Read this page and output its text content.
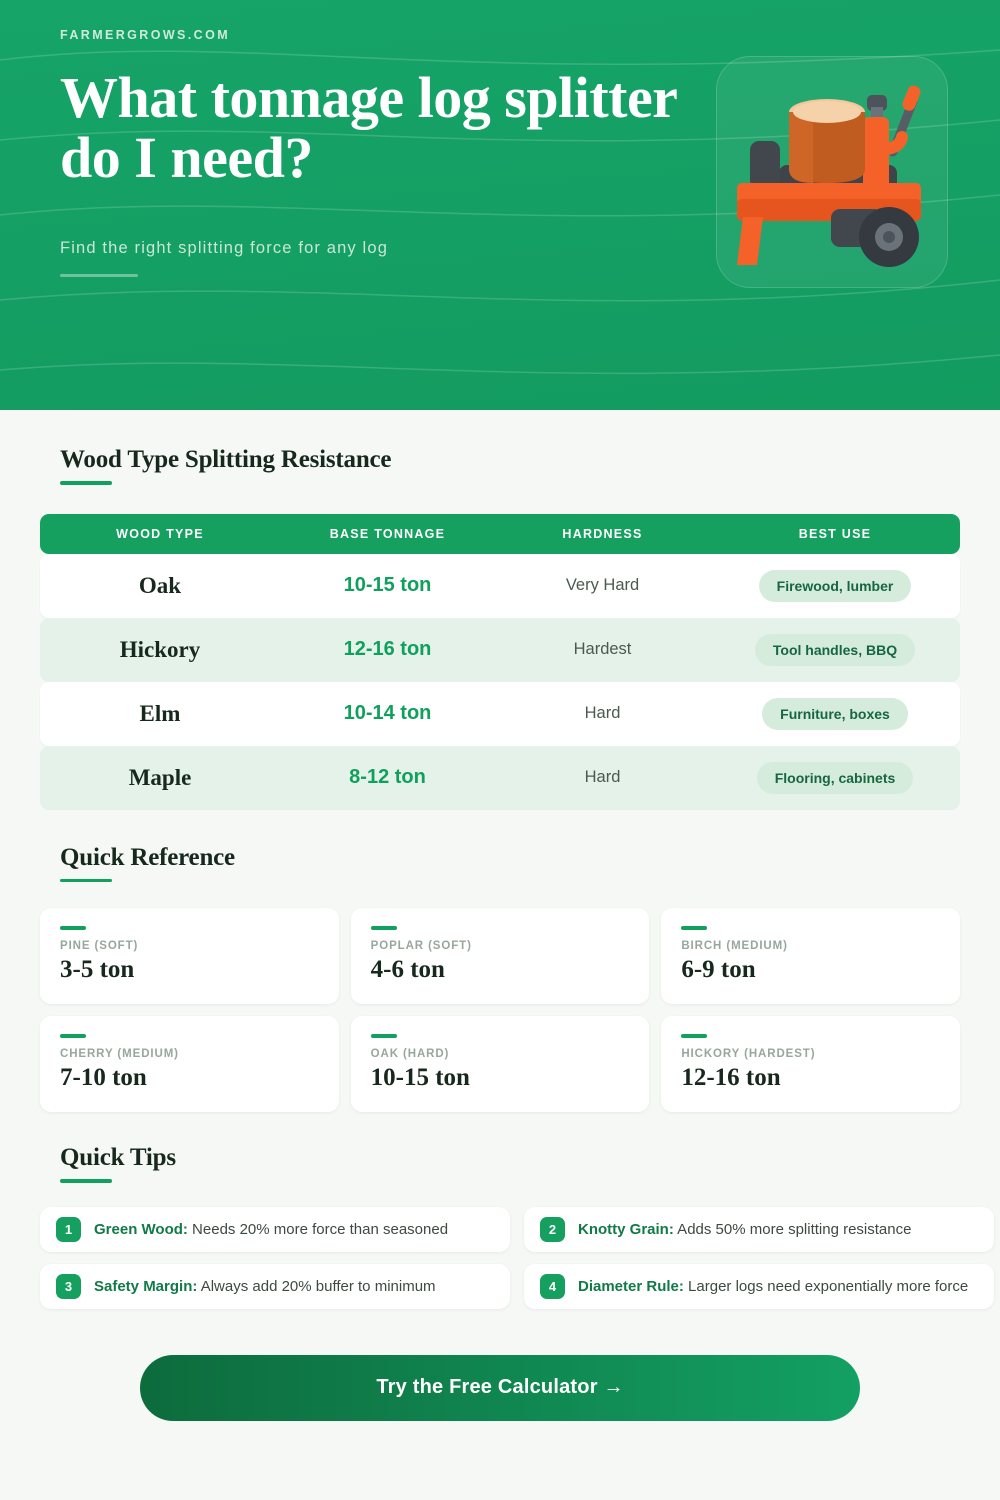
FARMERGROWS.COM
What tonnage log splitter do I need?
Find the right splitting force for any log
Wood Type Splitting Resistance
WOOD TYPE	BASE TONNAGE	HARDNESS	BEST USE
Oak	10-15 ton	Very Hard	Firewood, lumber
Hickory	12-16 ton	Hardest	Tool handles, BBQ
Elm	10-14 ton	Hard	Furniture, boxes
Maple	8-12 ton	Hard	Flooring, cabinets
Quick Reference
PINE (SOFT)
3-5 ton
POPLAR (SOFT)
4-6 ton
BIRCH (MEDIUM)
6-9 ton
CHERRY (MEDIUM)
7-10 ton
OAK (HARD)
10-15 ton
HICKORY (HARDEST)
12-16 ton
Quick Tips
1	Green Wood: Needs 20% more force than seasoned	2	Knotty Grain: Adds 50% more splitting resistance
3	Safety Margin: Always add 20% buffer to minimum	4	Diameter Rule: Larger logs need exponentially more force
Try the Free Calculator →
